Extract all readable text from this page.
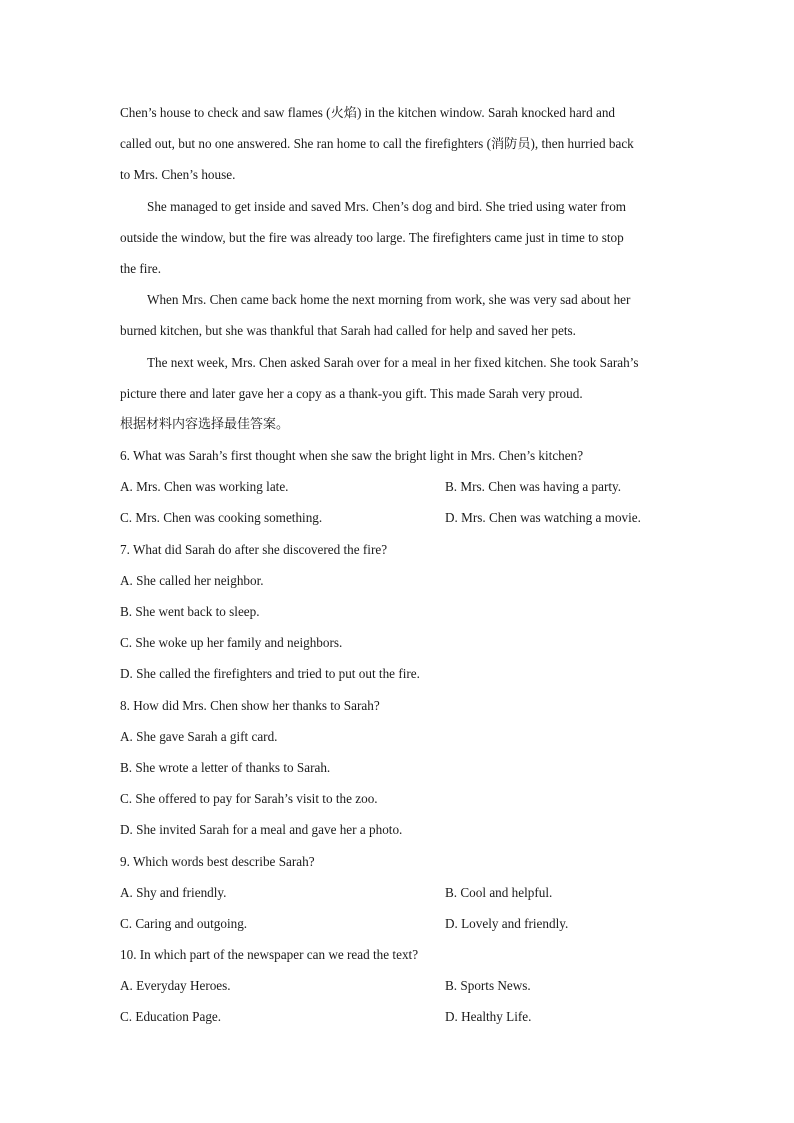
Chen’s house to check and saw flames (火焰) in the kitchen window. Sarah knocked hard and
called out, but no one answered. She ran home to call the firefighters (消防员), then hurried back
to Mrs. Chen’s house.
She managed to get inside and saved Mrs. Chen’s dog and bird. She tried using water from
outside the window, but the fire was already too large. The firefighters came just in time to stop
the fire.
When Mrs. Chen came back home the next morning from work, she was very sad about her
burned kitchen, but she was thankful that Sarah had called for help and saved her pets.
The next week, Mrs. Chen asked Sarah over for a meal in her fixed kitchen. She took Sarah’s
picture there and later gave her a copy as a thank-you gift. This made Sarah very proud.
根据材料内容选择最佳答案。
6. What was Sarah’s first thought when she saw the bright light in Mrs. Chen’s kitchen?
A. Mrs. Chen was working late.	B. Mrs. Chen was having a party.
C. Mrs. Chen was cooking something.	D. Mrs. Chen was watching a movie.
7. What did Sarah do after she discovered the fire?
A. She called her neighbor.
B. She went back to sleep.
C. She woke up her family and neighbors.
D. She called the firefighters and tried to put out the fire.
8. How did Mrs. Chen show her thanks to Sarah?
A. She gave Sarah a gift card.
B. She wrote a letter of thanks to Sarah.
C. She offered to pay for Sarah’s visit to the zoo.
D. She invited Sarah for a meal and gave her a photo.
9. Which words best describe Sarah?
A. Shy and friendly.	B. Cool and helpful.
C. Caring and outgoing.	D. Lovely and friendly.
10. In which part of the newspaper can we read the text?
A. Everyday Heroes.	B. Sports News.
C. Education Page.	D. Healthy Life.
